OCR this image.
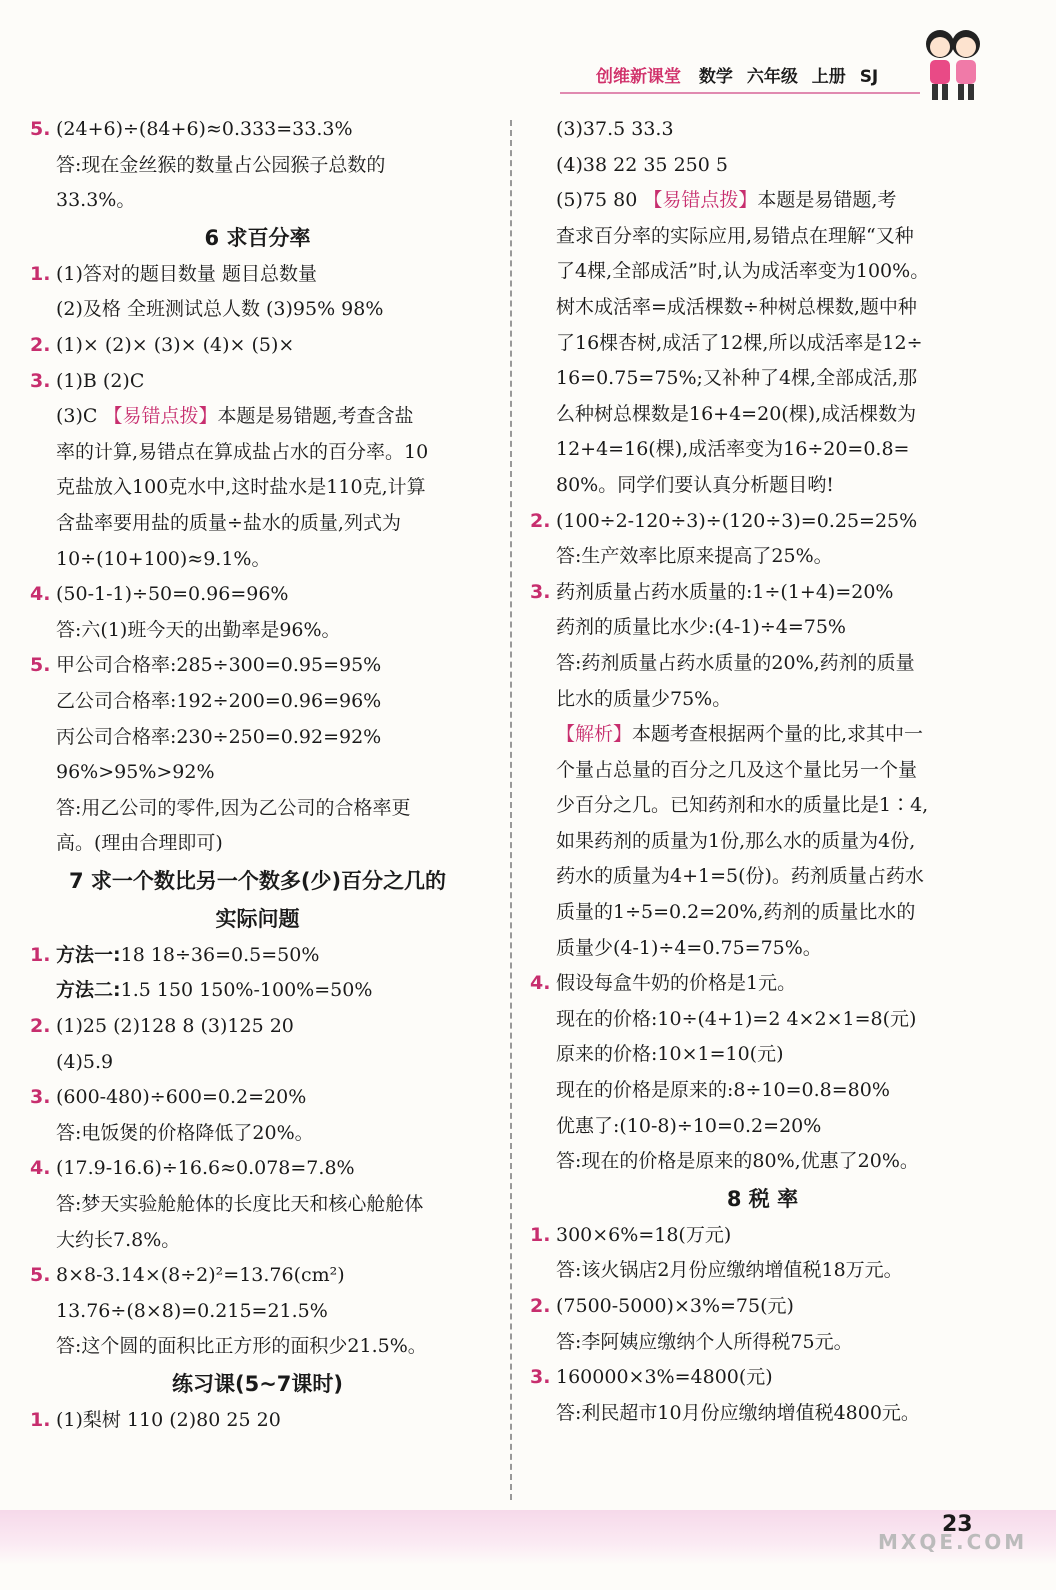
创维新课堂 数学 六年级 上册 SJ
5. (24+6)÷(84+6)≈0.333=33.3%
答:现在金丝猴的数量占公园猴子总数的
33.3%。
6 求百分率
1. (1)答对的题目数量 题目总数量
(2)及格 全班测试总人数 (3)95% 98%
2. (1)× (2)× (3)× (4)× (5)×
3. (1)B (2)C
(3)C 【易错点拨】本题是易错题,考查含盐
率的计算,易错点在算成盐占水的百分率。10
克盐放入100克水中,这时盐水是110克,计算
含盐率要用盐的质量÷盐水的质量,列式为
10÷(10+100)≈9.1%。
4. (50-1-1)÷50=0.96=96%
答:六(1)班今天的出勤率是96%。
5. 甲公司合格率:285÷300=0.95=95%
乙公司合格率:192÷200=0.96=96%
丙公司合格率:230÷250=0.92=92%
96%>95%>92%
答:用乙公司的零件,因为乙公司的合格率更
高。(理由合理即可)
7 求一个数比另一个数多(少)百分之几的
实际问题
1. 方法一:18 18÷36=0.5=50%
方法二:1.5 150 150%-100%=50%
2. (1)25 (2)128 8 (3)125 20
(4)5.9
3. (600-480)÷600=0.2=20%
答:电饭煲的价格降低了20%。
4. (17.9-16.6)÷16.6≈0.078=7.8%
答:梦天实验舱舱体的长度比天和核心舱舱体
大约长7.8%。
5. 8×8-3.14×(8÷2)²=13.76(cm²)
13.76÷(8×8)=0.215=21.5%
答:这个圆的面积比正方形的面积少21.5%。
练习课(5~7课时)
1. (1)梨树 110 (2)80 25 20
(3)37.5 33.3
(4)38 22 35 250 5
(5)75 80 【易错点拨】本题是易错题,考
查求百分率的实际应用,易错点在理解“又种
了4棵,全部成活”时,认为成活率变为100%。
树木成活率=成活棵数÷种树总棵数,题中种
了16棵杏树,成活了12棵,所以成活率是12÷
16=0.75=75%;又补种了4棵,全部成活,那
么种树总棵数是16+4=20(棵),成活棵数为
12+4=16(棵),成活率变为16÷20=0.8=
80%。同学们要认真分析题目哟!
2. (100÷2-120÷3)÷(120÷3)=0.25=25%
答:生产效率比原来提高了25%。
3. 药剂质量占药水质量的:1÷(1+4)=20%
药剂的质量比水少:(4-1)÷4=75%
答:药剂质量占药水质量的20%,药剂的质量
比水的质量少75%。
【解析】本题考查根据两个量的比,求其中一
个量占总量的百分之几及这个量比另一个量
少百分之几。已知药剂和水的质量比是1∶4,
如果药剂的质量为1份,那么水的质量为4份,
药水的质量为4+1=5(份)。药剂质量占药水
质量的1÷5=0.2=20%,药剂的质量比水的
质量少(4-1)÷4=0.75=75%。
4. 假设每盒牛奶的价格是1元。
现在的价格:10÷(4+1)=2 4×2×1=8(元)
原来的价格:10×1=10(元)
现在的价格是原来的:8÷10=0.8=80%
优惠了:(10-8)÷10=0.2=20%
答:现在的价格是原来的80%,优惠了20%。
8 税 率
1. 300×6%=18(万元)
答:该火锅店2月份应缴纳增值税18万元。
2. (7500-5000)×3%=75(元)
答:李阿姨应缴纳个人所得税75元。
3. 160000×3%=4800(元)
答:利民超市10月份应缴纳增值税4800元。
23
MXQE.COM
